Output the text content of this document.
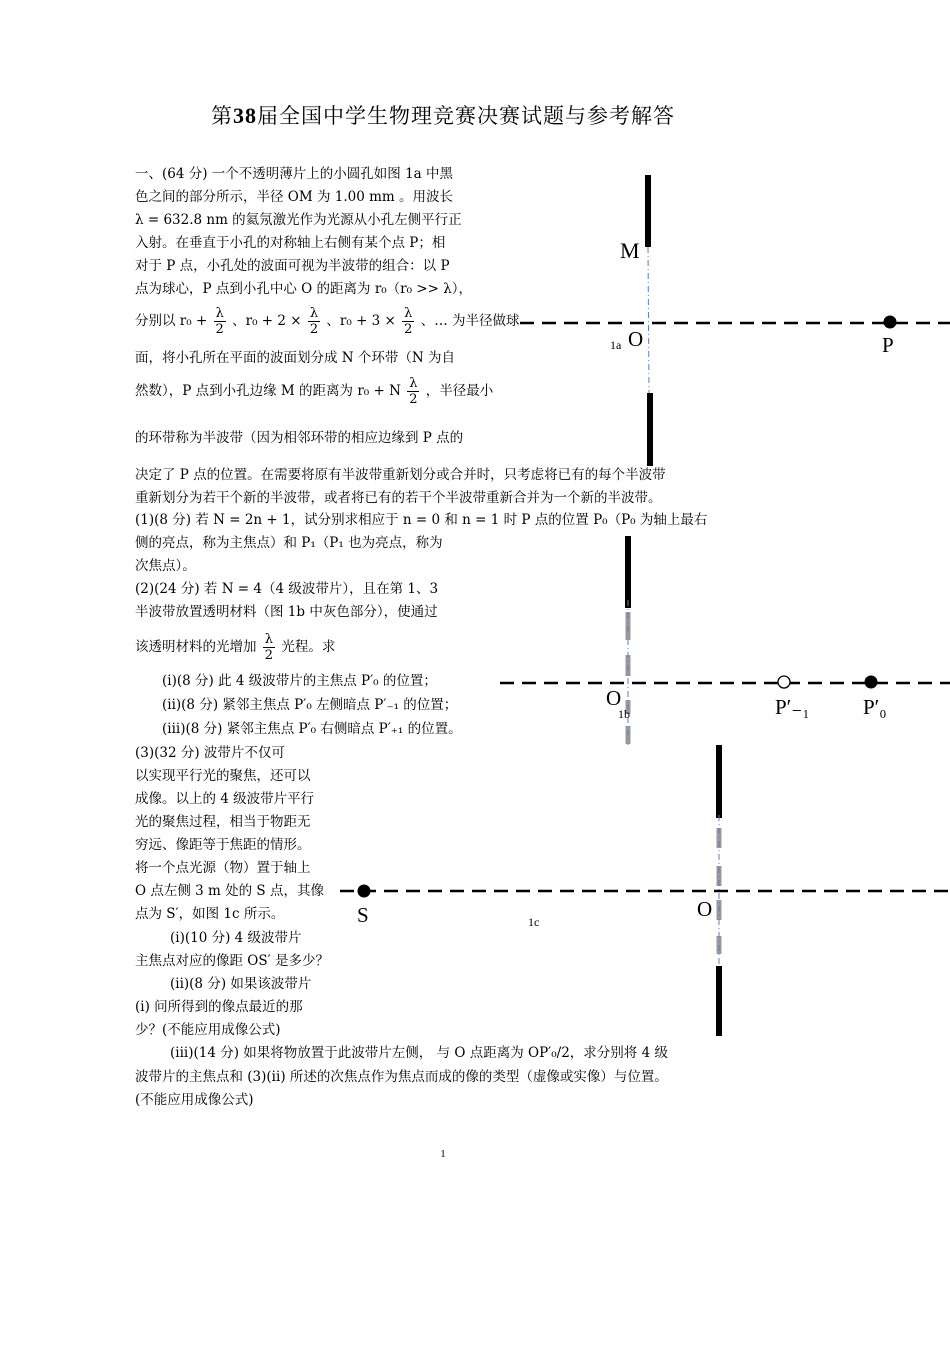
第38届全国中学生物理竞赛决赛试题与参考解答
M
O	P
1a
O
1b	P′₋₁	P′₀
S	O
1c
一、(64 分) 一个不透明薄片上的小圆孔如图 1a 中黑
色之间的部分所示，半径 OM 为 1.00 mm 。用波长
λ = 632.8 nm 的氦氖激光作为光源从小孔左侧平行正
入射。在垂直于小孔的对称轴上右侧有某个点 P；相
对于 P 点，小孔处的波面可视为半波带的组合：以 P
点为球心，P 点到小孔中心 O 的距离为 r₀（r₀ >> λ），
分别以 $r_0 + \frac{\lambda}{2}$ 、$r_0 + 2 \times \frac{\lambda}{2}$ 、$r_0 + 3 \times \frac{\lambda}{2}$ 、… 为半径做球
面，将小孔所在平面的波面划分成 N 个环带（N 为自
然数），P 点到小孔边缘 M 的距离为 r₀ + N $\frac{\lambda}{2}$ ，半径最小
的环带称为半波带（因为相邻环带的相应边缘到 P 点的
决定了 P 点的位置。在需要将原有半波带重新划分或合并时，只考虑将已有的每个半波带
重新划分为若干个新的半波带，或者将已有的若干个半波带重新合并为一个新的半波带。
(1)(8 分) 若 N = 2n + 1，试分别求相应于 n = 0 和 n = 1 时 P 点的位置 P₀（P₀ 为轴上最右
侧的亮点，称为主焦点）和 P₁（P₁ 也为亮点，称为
次焦点）。
(2)(24 分) 若 N = 4（4 级波带片），且在第 1、3
半波带放置透明材料（图 1b 中灰色部分），使通过
该透明材料的光增加 $\frac{\lambda}{2}$ 光程。求
(i)(8 分) 此 4 级波带片的主焦点 P′₀ 的位置；
(ii)(8 分) 紧邻主焦点 P′₀ 左侧暗点 P′₋₁ 的位置；
(iii)(8 分) 紧邻主焦点 P′₀ 右侧暗点 P′₊₁ 的位置。
(3)(32 分) 波带片不仅可
以实现平行光的聚焦，还可以
成像。以上的 4 级波带片平行
光的聚焦过程，相当于物距无
穷远、像距等于焦距的情形。
将一个点光源（物）置于轴上
O 点左侧 3 m 处的 S 点，其像
点为 S′，如图 1c 所示。
(i)(10 分) 4 级波带片
主焦点对应的像距 OS′ 是多少？
(ii)(8 分) 如果该波带片
(i) 问所得到的像点最近的那
少？(不能应用成像公式)
(iii)(14 分) 如果将物放置于此波带片左侧， 与 O 点距离为 OP′₀/2，求分别将 4 级
波带片的主焦点和 (3)(ii) 所述的次焦点作为焦点而成的像的类型（虚像或实像）与位置。
(不能应用成像公式)
1
